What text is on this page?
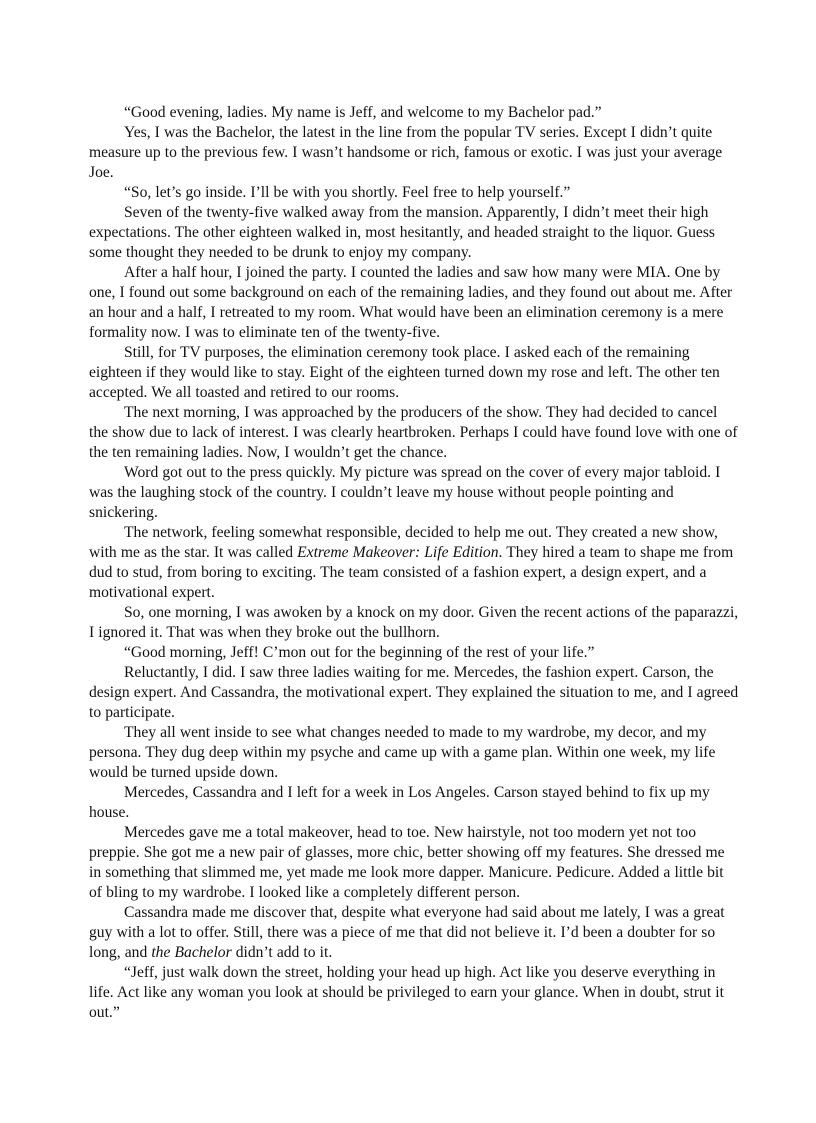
“Good evening, ladies. My name is Jeff, and welcome to my Bachelor pad.”

Yes, I was the Bachelor, the latest in the line from the popular TV series. Except I didn’t quite measure up to the previous few. I wasn’t handsome or rich, famous or exotic. I was just your average Joe.

“So, let’s go inside. I’ll be with you shortly. Feel free to help yourself.”

Seven of the twenty-five walked away from the mansion. Apparently, I didn’t meet their high expectations. The other eighteen walked in, most hesitantly, and headed straight to the liquor. Guess some thought they needed to be drunk to enjoy my company.

After a half hour, I joined the party. I counted the ladies and saw how many were MIA. One by one, I found out some background on each of the remaining ladies, and they found out about me. After an hour and a half, I retreated to my room. What would have been an elimination ceremony is a mere formality now. I was to eliminate ten of the twenty-five.

Still, for TV purposes, the elimination ceremony took place. I asked each of the remaining eighteen if they would like to stay. Eight of the eighteen turned down my rose and left. The other ten accepted. We all toasted and retired to our rooms.

The next morning, I was approached by the producers of the show. They had decided to cancel the show due to lack of interest. I was clearly heartbroken. Perhaps I could have found love with one of the ten remaining ladies. Now, I wouldn’t get the chance.

Word got out to the press quickly. My picture was spread on the cover of every major tabloid. I was the laughing stock of the country. I couldn’t leave my house without people pointing and snickering.

The network, feeling somewhat responsible, decided to help me out. They created a new show, with me as the star. It was called Extreme Makeover: Life Edition. They hired a team to shape me from dud to stud, from boring to exciting. The team consisted of a fashion expert, a design expert, and a motivational expert.

So, one morning, I was awoken by a knock on my door. Given the recent actions of the paparazzi, I ignored it. That was when they broke out the bullhorn.

“Good morning, Jeff! C’mon out for the beginning of the rest of your life.”

Reluctantly, I did. I saw three ladies waiting for me. Mercedes, the fashion expert. Carson, the design expert. And Cassandra, the motivational expert. They explained the situation to me, and I agreed to participate.

They all went inside to see what changes needed to made to my wardrobe, my decor, and my persona. They dug deep within my psyche and came up with a game plan. Within one week, my life would be turned upside down.

Mercedes, Cassandra and I left for a week in Los Angeles. Carson stayed behind to fix up my house.

Mercedes gave me a total makeover, head to toe. New hairstyle, not too modern yet not too preppie. She got me a new pair of glasses, more chic, better showing off my features. She dressed me in something that slimmed me, yet made me look more dapper. Manicure. Pedicure. Added a little bit of bling to my wardrobe. I looked like a completely different person.

Cassandra made me discover that, despite what everyone had said about me lately, I was a great guy with a lot to offer. Still, there was a piece of me that did not believe it. I’d been a doubter for so long, and the Bachelor didn’t add to it.

“Jeff, just walk down the street, holding your head up high. Act like you deserve everything in life. Act like any woman you look at should be privileged to earn your glance. When in doubt, strut it out.”
